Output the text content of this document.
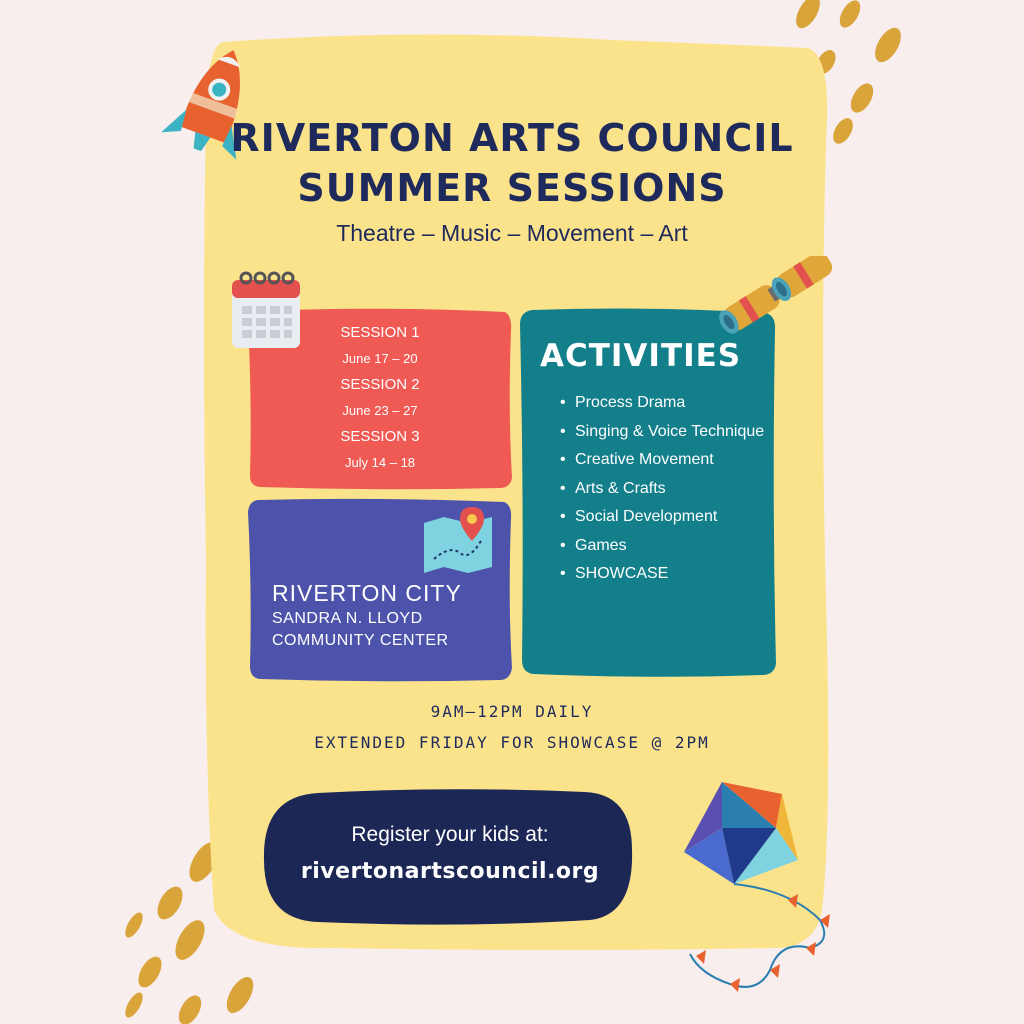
RIVERTON ARTS COUNCIL
SUMMER SESSIONS
Theatre – Music – Movement – Art
SESSION 1
June 17 – 20
SESSION 2
June 23 – 27
SESSION 3
July 14 – 18
RIVERTON CITY
SANDRA N. LLOYD
COMMUNITY CENTER
ACTIVITIES
• Process Drama
• Singing & Voice Technique
• Creative Movement
• Arts & Crafts
• Social Development
• Games
• SHOWCASE
9AM–12PM DAILY
EXTENDED FRIDAY FOR SHOWCASE @ 2PM
Register your kids at:
rivertonartscouncil.org
